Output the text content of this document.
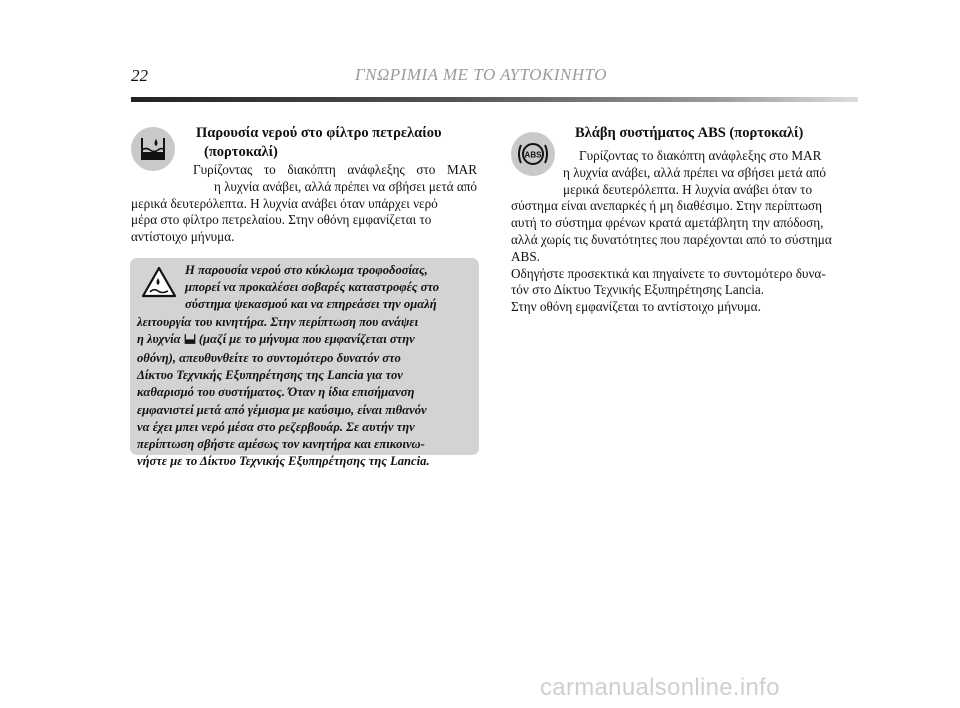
22	ΓΝΩΡΙΜΙΑ ΜΕ ΤΟ ΑΥΤΟΚΙΝΗΤΟ
Παρουσία νερού στο φίλτρο πετρελαίου
(πορτοκαλί)
Γυρίζοντας το διακόπτη ανάφλεξης στο MAR
η λυχνία ανάβει, αλλά πρέπει να σβήσει μετά από
μερικά δευτερόλεπτα. Η λυχνία ανάβει όταν υπάρχει νερό
μέρα στο φίλτρο πετρελαίου. Στην οθόνη εμφανίζεται το
αντίστοιχο μήνυμα.
Η παρουσία νερού στο κύκλωμα τροφοδοσίας,
μπορεί να προκαλέσει σοβαρές καταστροφές στο
σύστημα ψεκασμού και να επηρεάσει την ομαλή
λειτουργία του κινητήρα. Στην περίπτωση που ανάψει
η λυχνία (μαζί με το μήνυμα που εμφανίζεται στην
οθόνη), απευθυνθείτε το συντομότερο δυνατόν στο
Δίκτυο Τεχνικής Εξυπηρέτησης της Lancia για τον
καθαρισμό του συστήματος. Όταν η ίδια επισήμανση
εμφανιστεί μετά από γέμισμα με καύσιμο, είναι πιθανόν
να έχει μπει νερό μέσα στο ρεζερβουάρ. Σε αυτήν την
περίπτωση σβήστε αμέσως τον κινητήρα και επικοινω-
νήστε με το Δίκτυο Τεχνικής Εξυπηρέτησης της Lancia.
ABS
Βλάβη συστήματος ABS (πορτοκαλί)
Γυρίζοντας το διακόπτη ανάφλεξης στο MAR
η λυχνία ανάβει, αλλά πρέπει να σβήσει μετά από
μερικά δευτερόλεπτα. Η λυχνία ανάβει όταν το
σύστημα είναι ανεπαρκές ή μη διαθέσιμο. Στην περίπτωση
αυτή το σύστημα φρένων κρατά αμετάβλητη την απόδοση,
αλλά χωρίς τις δυνατότητες που παρέχονται από το σύστημα
ABS.
Οδηγήστε προσεκτικά και πηγαίνετε το συντομότερο δυνα-
τόν στο Δίκτυο Τεχνικής Εξυπηρέτησης Lancia.
Στην οθόνη εμφανίζεται το αντίστοιχο μήνυμα.
carmanualsonline.info
